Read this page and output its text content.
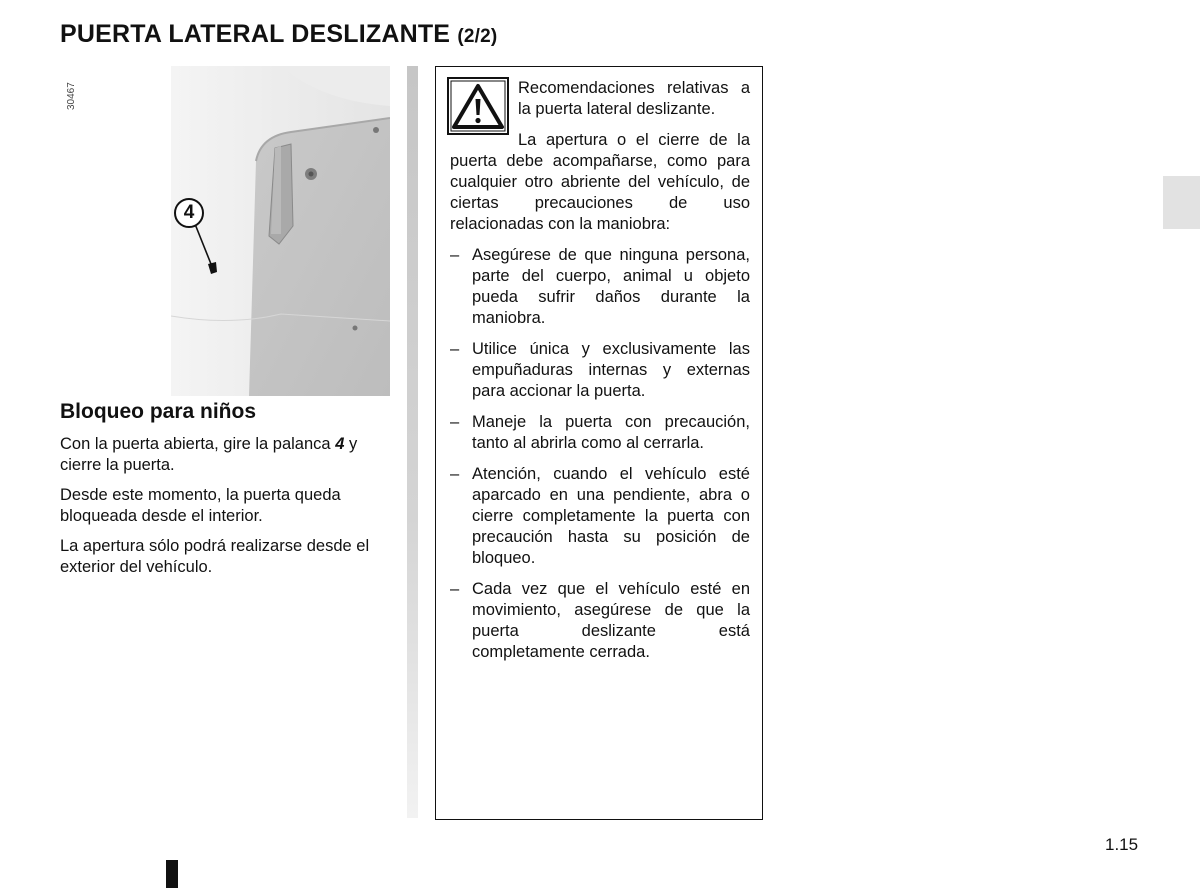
PUERTA LATERAL DESLIZANTE (2/2)
30467
4
Bloqueo para niños

Con la puerta abierta, gire la palanca 4 y cierre la puerta.

Desde este momento, la puerta queda bloqueada desde el interior.

La apertura sólo podrá realizarse desde el exterior del vehículo.

Recomendaciones relativas a la puerta lateral deslizante.

La apertura o el cierre de la puerta debe acompañarse, como para cualquier otro abriente del vehículo, de ciertas precauciones de uso relacionadas con la maniobra:

– Asegúrese de que ninguna persona, parte del cuerpo, animal u objeto pueda sufrir daños durante la maniobra.
– Utilice única y exclusivamente las empuñaduras internas y externas para accionar la puerta.
– Maneje la puerta con precaución, tanto al abrirla como al cerrarla.
– Atención, cuando el vehículo esté aparcado en una pendiente, abra o cierre completamente la puerta con precaución hasta su posición de bloqueo.
– Cada vez que el vehículo esté en movimiento, asegúrese de que la puerta deslizante está completamente cerrada.
1.15
